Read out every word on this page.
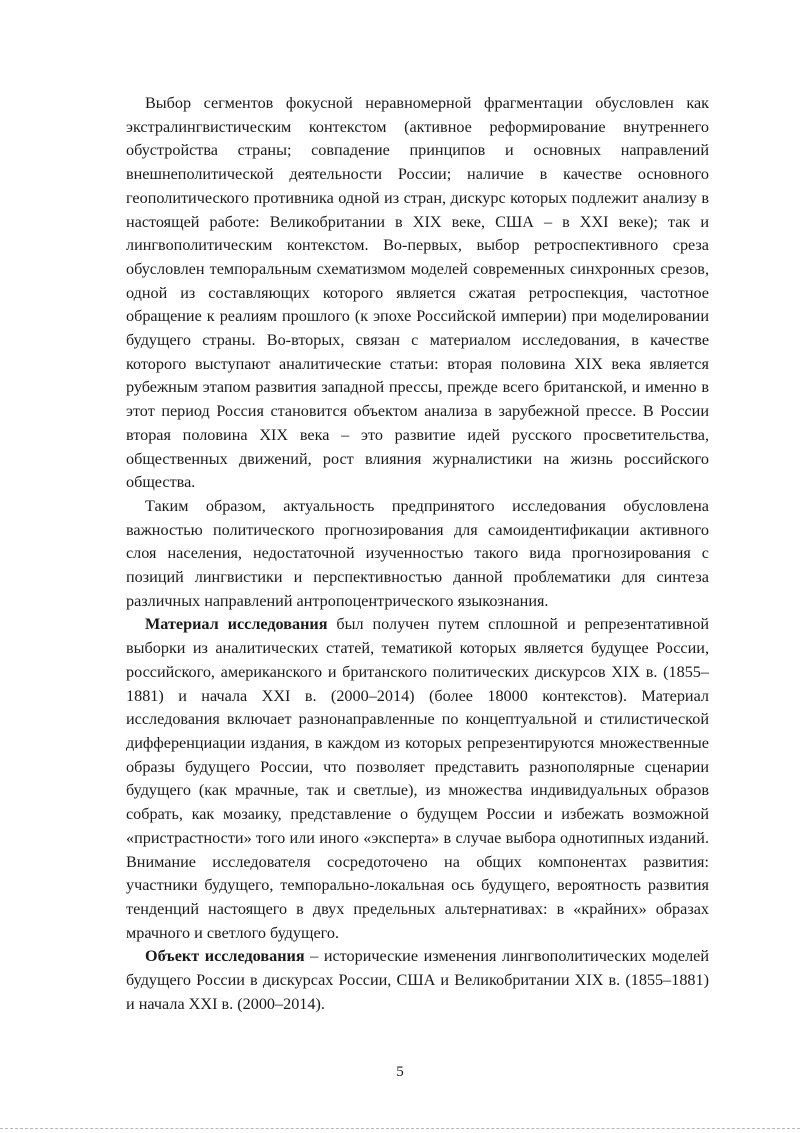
Выбор сегментов фокусной неравномерной фрагментации обусловлен как экстралингвистическим контекстом (активное реформирование внутреннего обустройства страны; совпадение принципов и основных направлений внешнеполитической деятельности России; наличие в качестве основного геополитического противника одной из стран, дискурс которых подлежит анализу в настоящей работе: Великобритании в XIX веке, США – в XXI веке); так и лингвополитическим контекстом. Во-первых, выбор ретроспективного среза обусловлен темпоральным схематизмом моделей современных синхронных срезов, одной из составляющих которого является сжатая ретроспекция, частотное обращение к реалиям прошлого (к эпохе Российской империи) при моделировании будущего страны. Во-вторых, связан с материалом исследования, в качестве которого выступают аналитические статьи: вторая половина XIX века является рубежным этапом развития западной прессы, прежде всего британской, и именно в этот период Россия становится объектом анализа в зарубежной прессе. В России вторая половина XIX века – это развитие идей русского просветительства, общественных движений, рост влияния журналистики на жизнь российского общества.

Таким образом, актуальность предпринятого исследования обусловлена важностью политического прогнозирования для самоидентификации активного слоя населения, недостаточной изученностью такого вида прогнозирования с позиций лингвистики и перспективностью данной проблематики для синтеза различных направлений антропоцентрического языкознания.

Материал исследования был получен путем сплошной и репрезентативной выборки из аналитических статей, тематикой которых является будущее России, российского, американского и британского политических дискурсов XIX в. (1855–1881) и начала XXI в. (2000–2014) (более 18000 контекстов). Материал исследования включает разнонаправленные по концептуальной и стилистической дифференциации издания, в каждом из которых репрезентируются множественные образы будущего России, что позволяет представить разнополярные сценарии будущего (как мрачные, так и светлые), из множества индивидуальных образов собрать, как мозаику, представление о будущем России и избежать возможной «пристрастности» того или иного «эксперта» в случае выбора однотипных изданий. Внимание исследователя сосредоточено на общих компонентах развития: участники будущего, темпорально-локальная ось будущего, вероятность развития тенденций настоящего в двух предельных альтернативах: в «крайних» образах мрачного и светлого будущего.

Объект исследования – исторические изменения лингвополитических моделей будущего России в дискурсах России, США и Великобритании XIX в. (1855–1881) и начала XXI в. (2000–2014).

5
